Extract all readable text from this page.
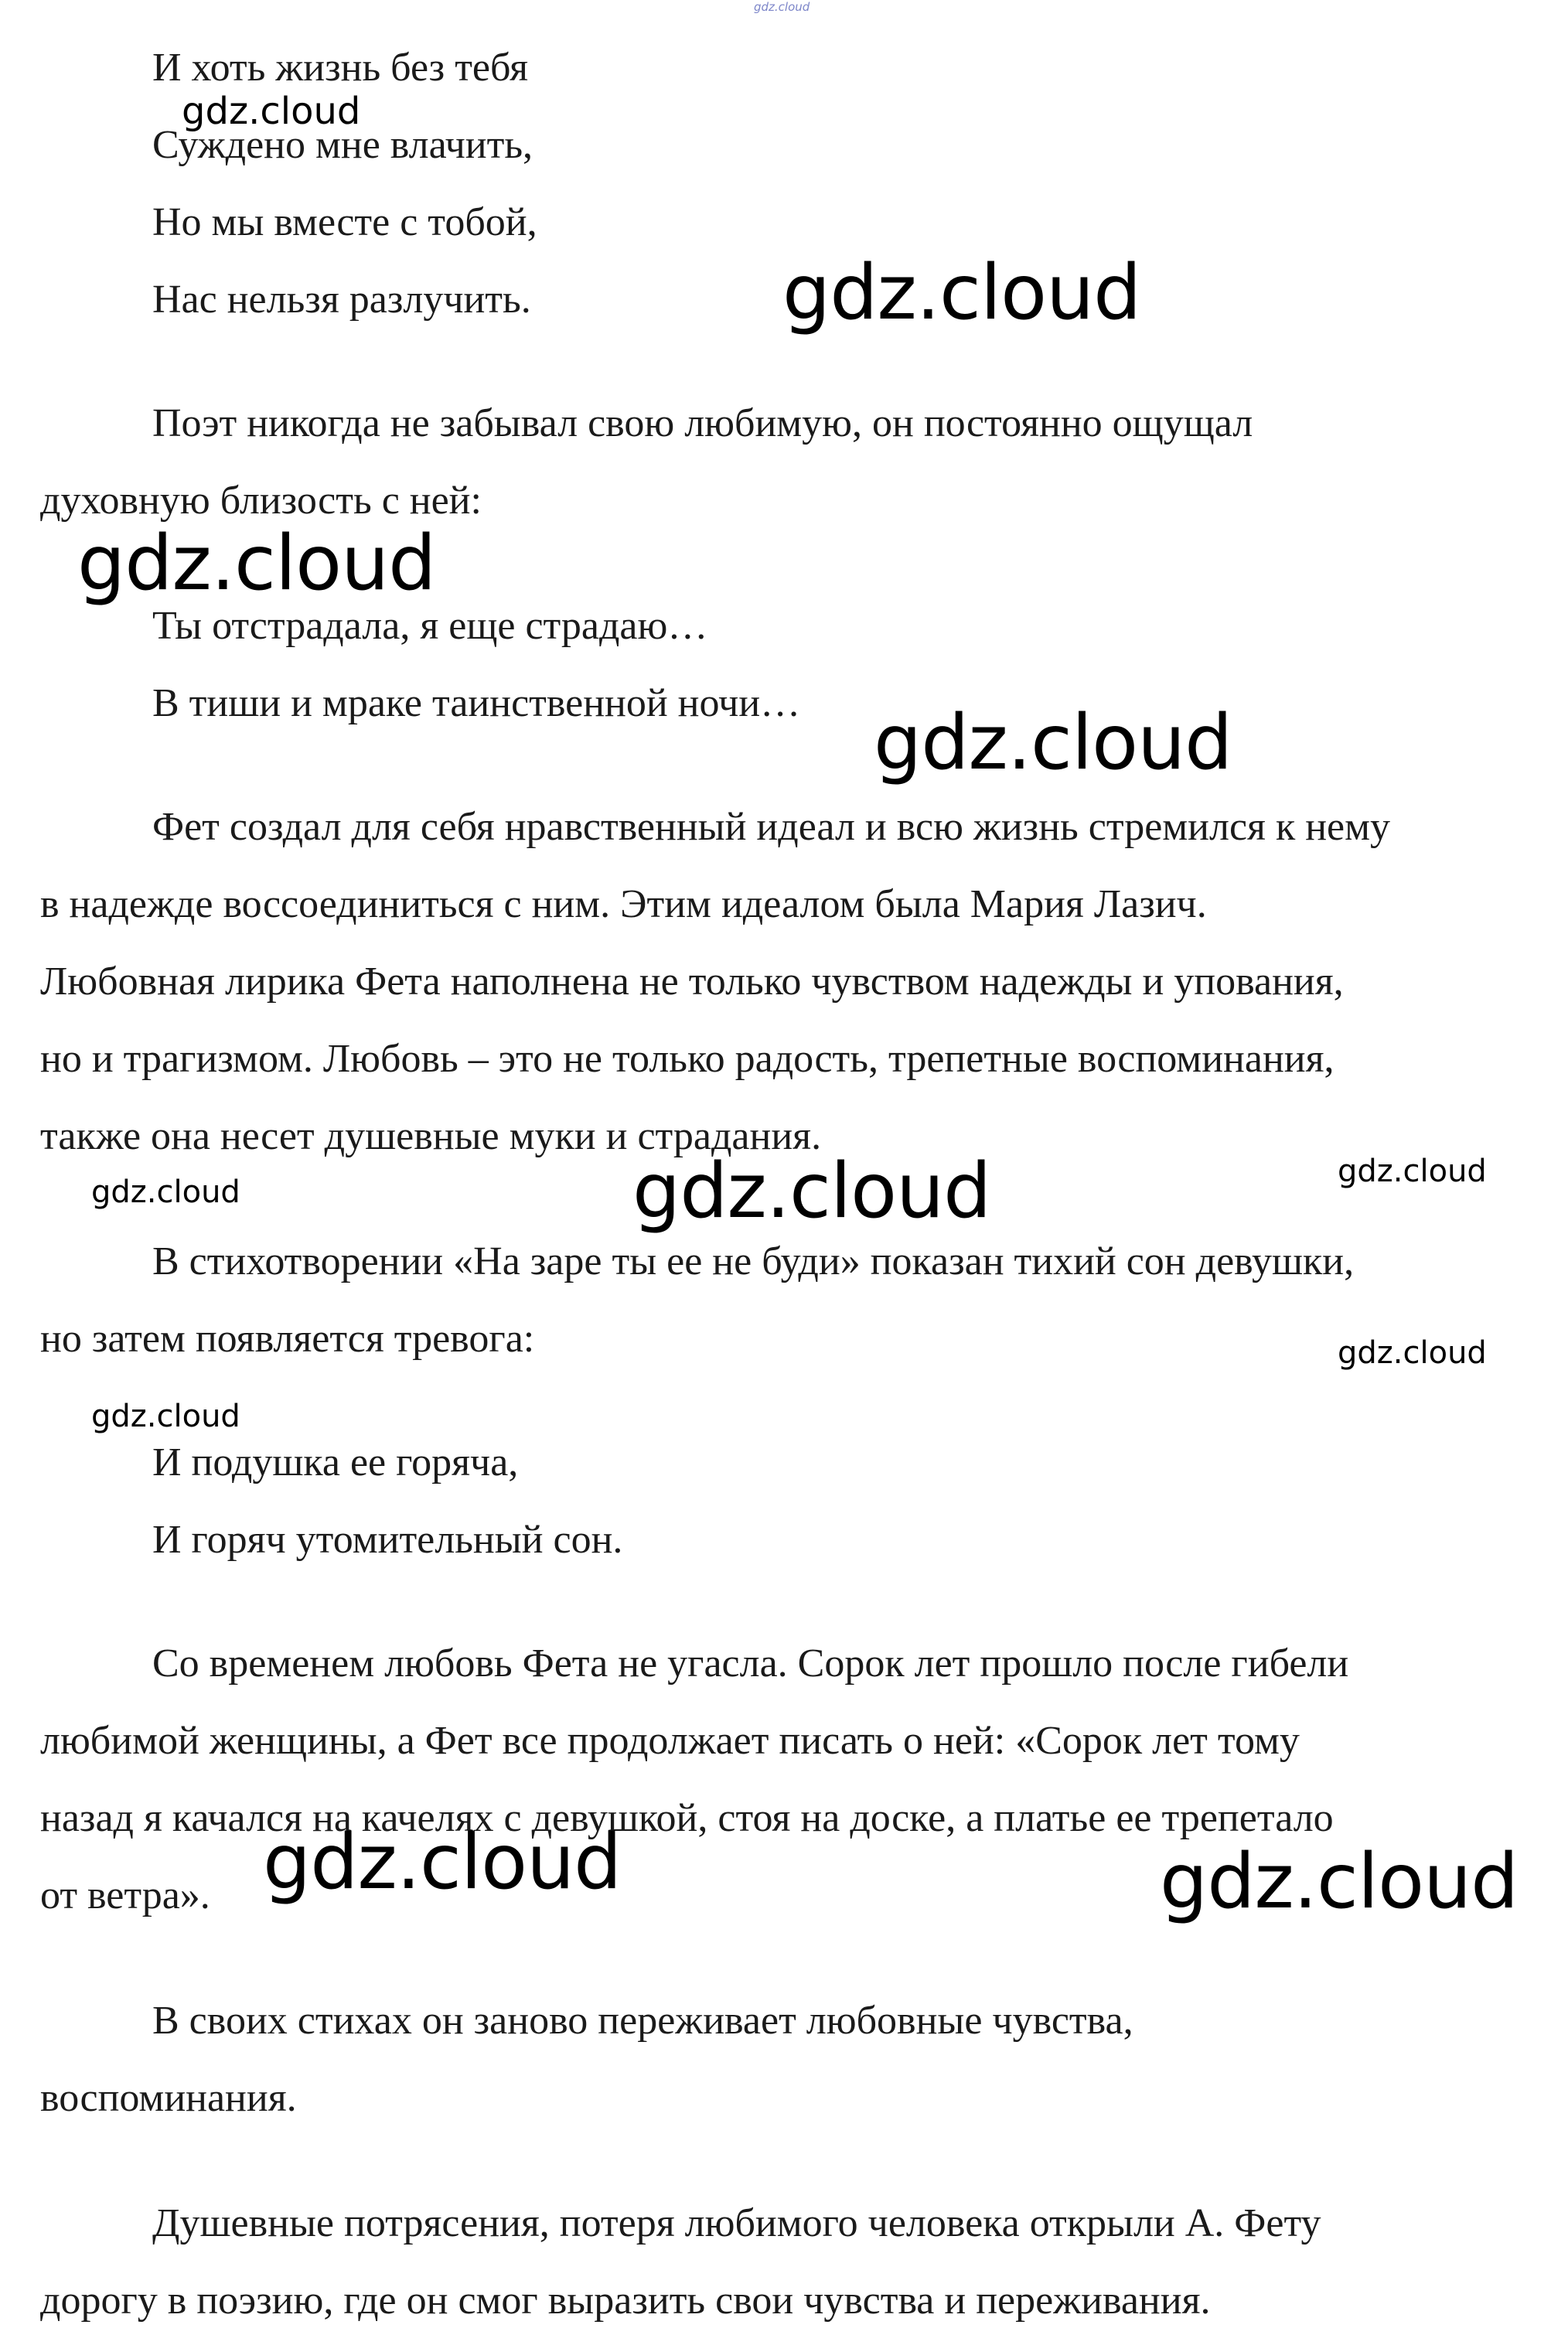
gdz.cloud
И хоть жизнь без тебя
Суждено мне влачить,
Но мы вместе с тобой,
Нас нельзя разлучить.
Поэт никогда не забывал свою любимую, он постоянно ощущал
духовную близость с ней:
Ты отстрадала, я еще страдаю…
В тиши и мраке таинственной ночи…
Фет создал для себя нравственный идеал и всю жизнь стремился к нему
в надежде воссоединиться с ним. Этим идеалом была Мария Лазич.
Любовная лирика Фета наполнена не только чувством надежды и упования,
но и трагизмом. Любовь – это не только радость, трепетные воспоминания,
также она несет душевные муки и страдания.
В стихотворении «На заре ты ее не буди» показан тихий сон девушки,
но затем появляется тревога:
И подушка ее горяча,
И горяч утомительный сон.
Со временем любовь Фета не угасла. Сорок лет прошло после гибели
любимой женщины, а Фет все продолжает писать о ней: «Сорок лет тому
назад я качался на качелях с девушкой, стоя на доске, а платье ее трепетало
от ветра».
В своих стихах он заново переживает любовные чувства,
воспоминания.
Душевные потрясения, потеря любимого человека открыли А. Фету
дорогу в поэзию, где он смог выразить свои чувства и переживания.
gdz.cloud
gdz.cloud
gdz.cloud
gdz.cloud
gdz.cloud	gdz.cloud
gdz.cloud
gdz.cloud
gdz.cloud
gdz.cloud	gdz.cloud
